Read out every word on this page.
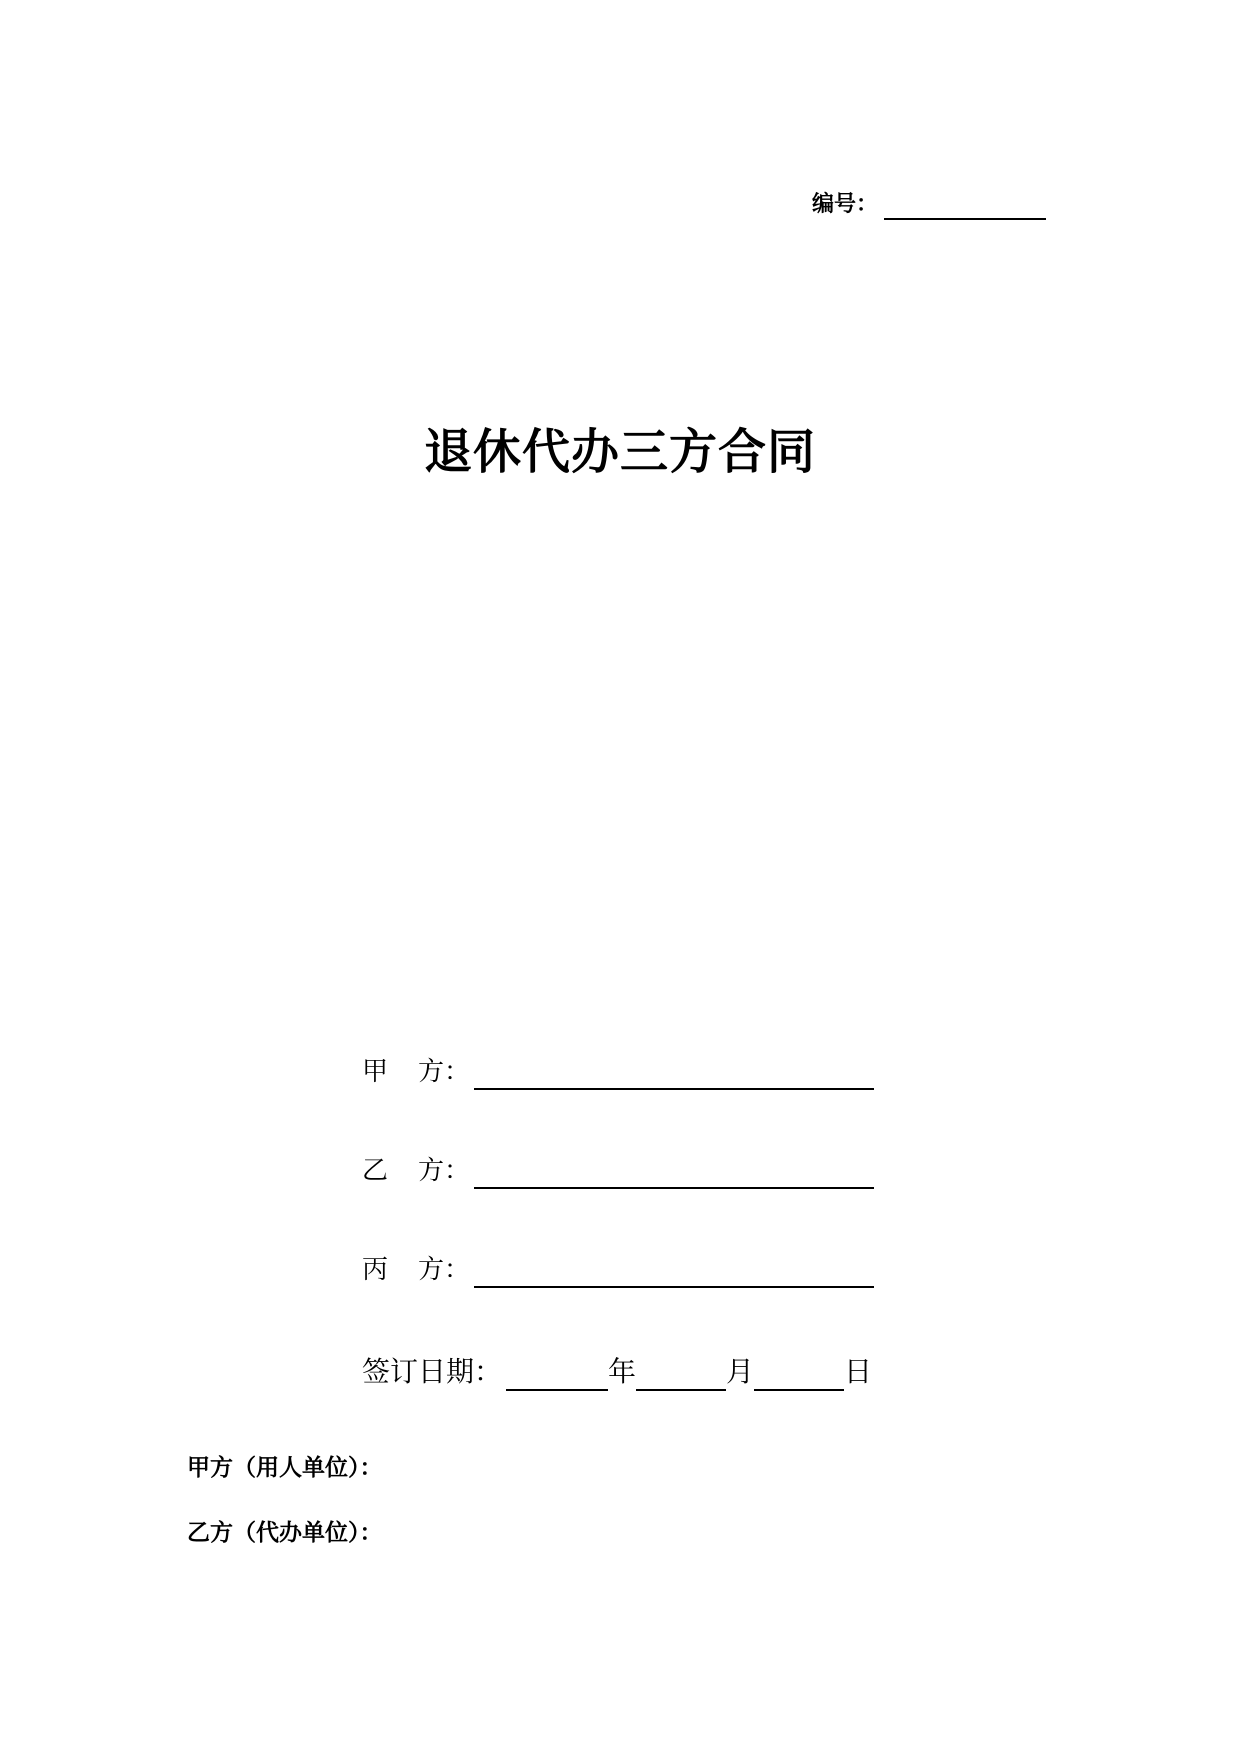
编号：
退休代办三方合同
甲 方：
乙 方：
丙 方：
签订日期：	年	月	日
甲方（用人单位）：
乙方（代办单位）：
